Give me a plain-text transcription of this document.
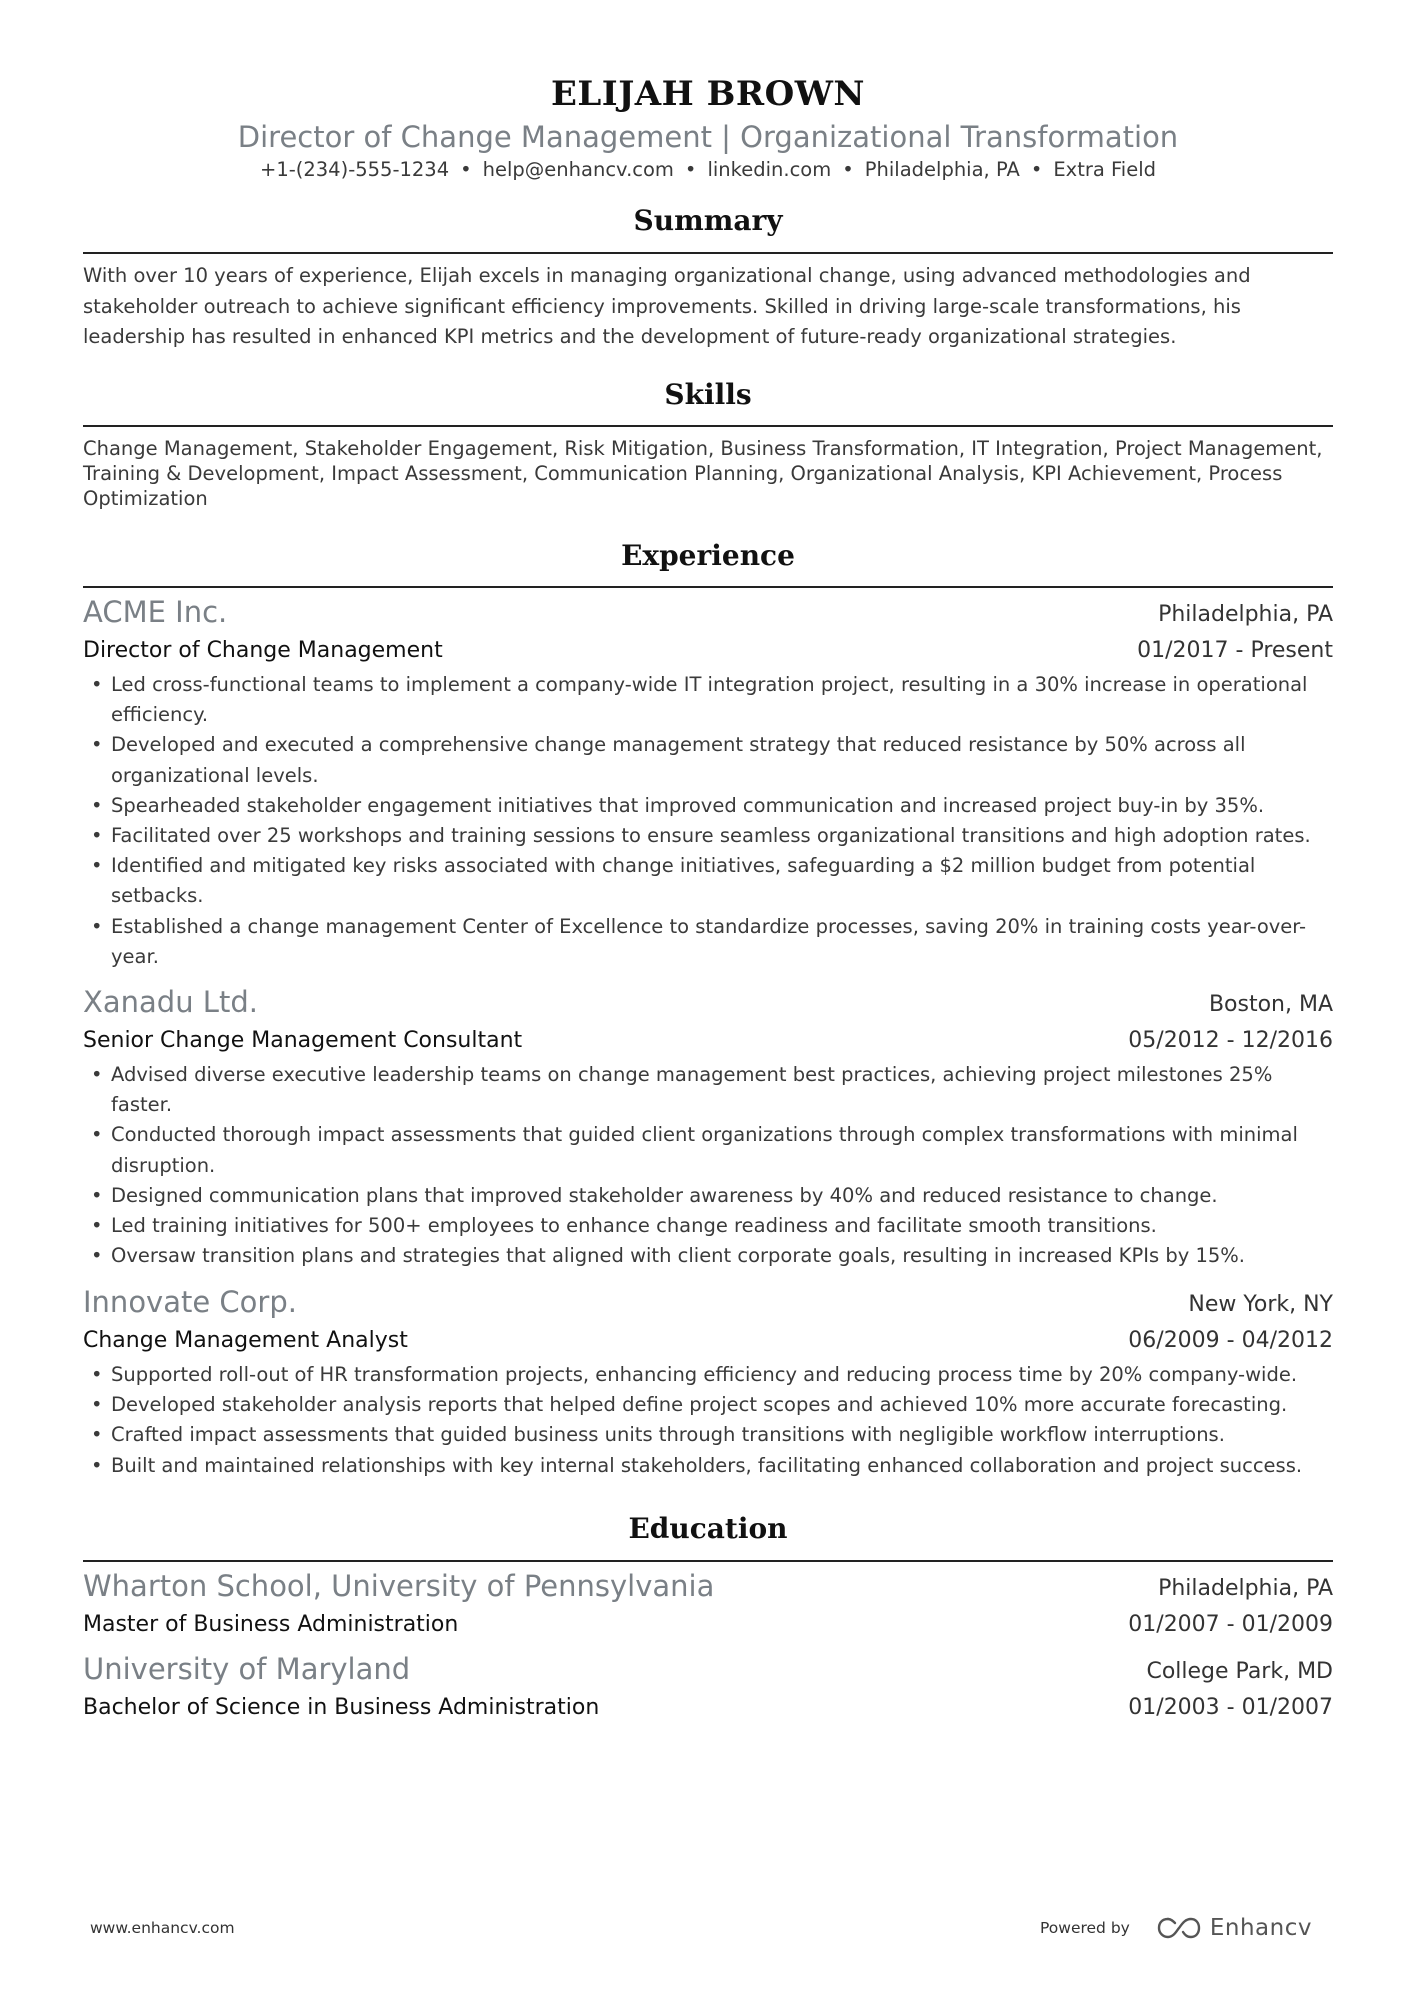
ELIJAH BROWN
Director of Change Management | Organizational Transformation
+1-(234)-555-1234 • help@enhancv.com • linkedin.com • Philadelphia, PA • Extra Field
Summary
With over 10 years of experience, Elijah excels in managing organizational change, using advanced methodologies and stakeholder outreach to achieve significant efficiency improvements. Skilled in driving large-scale transformations, his leadership has resulted in enhanced KPI metrics and the development of future-ready organizational strategies.
Skills
Change Management, Stakeholder Engagement, Risk Mitigation, Business Transformation, IT Integration, Project Management, Training & Development, Impact Assessment, Communication Planning, Organizational Analysis, KPI Achievement, Process Optimization
Experience
ACME Inc.	Philadelphia, PA
Director of Change Management	01/2017 - Present
• Led cross-functional teams to implement a company-wide IT integration project, resulting in a 30% increase in operational efficiency.
• Developed and executed a comprehensive change management strategy that reduced resistance by 50% across all organizational levels.
• Spearheaded stakeholder engagement initiatives that improved communication and increased project buy-in by 35%.
• Facilitated over 25 workshops and training sessions to ensure seamless organizational transitions and high adoption rates.
• Identified and mitigated key risks associated with change initiatives, safeguarding a $2 million budget from potential setbacks.
• Established a change management Center of Excellence to standardize processes, saving 20% in training costs year-over-year.
Xanadu Ltd.	Boston, MA
Senior Change Management Consultant	05/2012 - 12/2016
• Advised diverse executive leadership teams on change management best practices, achieving project milestones 25% faster.
• Conducted thorough impact assessments that guided client organizations through complex transformations with minimal disruption.
• Designed communication plans that improved stakeholder awareness by 40% and reduced resistance to change.
• Led training initiatives for 500+ employees to enhance change readiness and facilitate smooth transitions.
• Oversaw transition plans and strategies that aligned with client corporate goals, resulting in increased KPIs by 15%.
Innovate Corp.	New York, NY
Change Management Analyst	06/2009 - 04/2012
• Supported roll-out of HR transformation projects, enhancing efficiency and reducing process time by 20% company-wide.
• Developed stakeholder analysis reports that helped define project scopes and achieved 10% more accurate forecasting.
• Crafted impact assessments that guided business units through transitions with negligible workflow interruptions.
• Built and maintained relationships with key internal stakeholders, facilitating enhanced collaboration and project success.
Education
Wharton School, University of Pennsylvania	Philadelphia, PA
Master of Business Administration	01/2007 - 01/2009
University of Maryland	College Park, MD
Bachelor of Science in Business Administration	01/2003 - 01/2007
www.enhancv.com	Powered by	Enhancv
